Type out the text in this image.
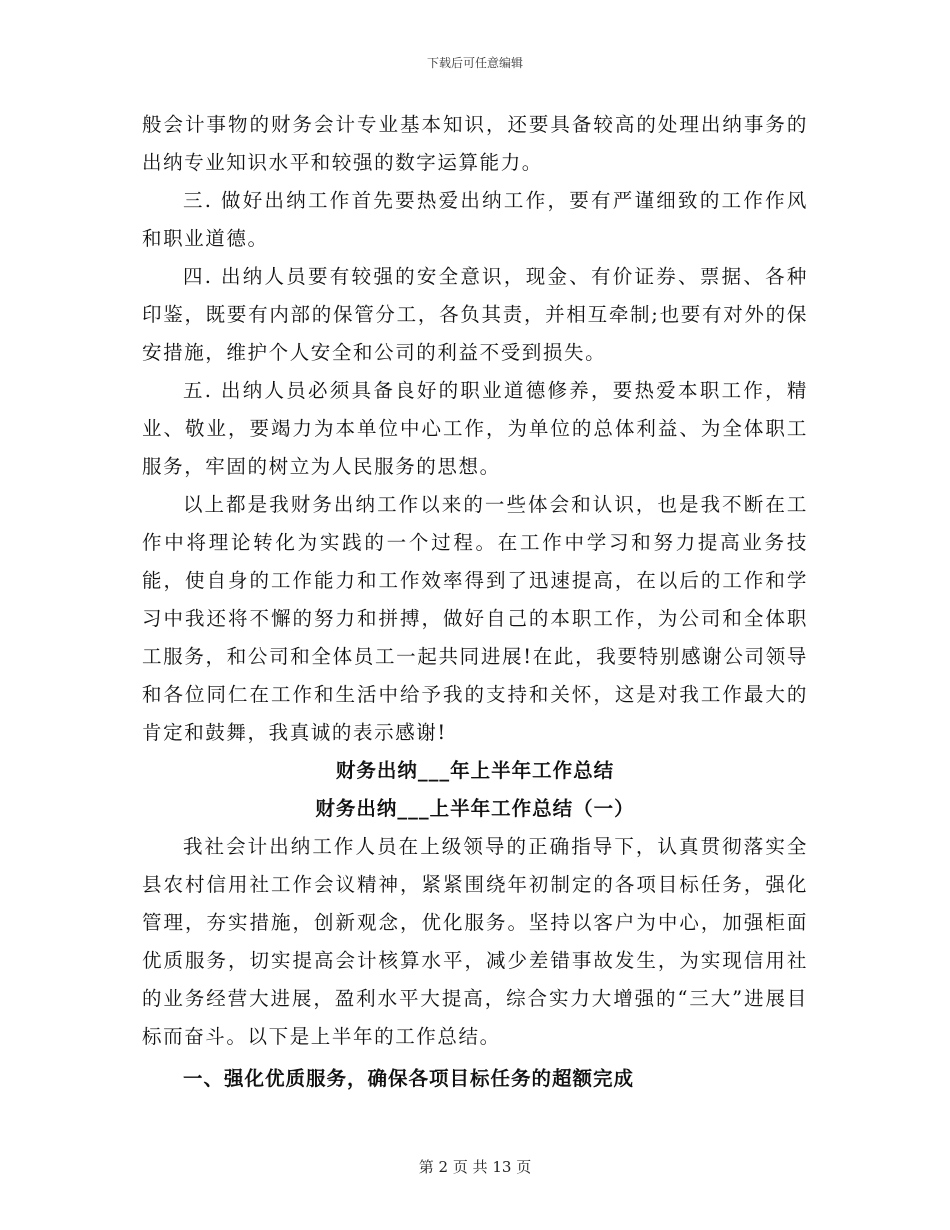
下载后可任意编辑

般会计事物的财务会计专业基本知识，还要具备较高的处理出纳事务的出纳专业知识水平和较强的数字运算能力。

三. 做好出纳工作首先要热爱出纳工作，要有严谨细致的工作作风和职业道德。

四. 出纳人员要有较强的安全意识，现金、有价证券、票据、各种印鉴，既要有内部的保管分工，各负其责，并相互牵制;也要有对外的保安措施，维护个人安全和公司的利益不受到损失。

五. 出纳人员必须具备良好的职业道德修养，要热爱本职工作，精业、敬业，要竭力为本单位中心工作，为单位的总体利益、为全体职工服务，牢固的树立为人民服务的思想。

以上都是我财务出纳工作以来的一些体会和认识，也是我不断在工作中将理论转化为实践的一个过程。在工作中学习和努力提高业务技能，使自身的工作能力和工作效率得到了迅速提高，在以后的工作和学习中我还将不懈的努力和拼搏，做好自己的本职工作，为公司和全体职工服务，和公司和全体员工一起共同进展!在此，我要特别感谢公司领导和各位同仁在工作和生活中给予我的支持和关怀，这是对我工作最大的肯定和鼓舞，我真诚的表示感谢!

财务出纳___年上半年工作总结

财务出纳___上半年工作总结（一）

我社会计出纳工作人员在上级领导的正确指导下，认真贯彻落实全县农村信用社工作会议精神，紧紧围绕年初制定的各项目标任务，强化管理，夯实措施，创新观念，优化服务。坚持以客户为中心，加强柜面优质服务，切实提高会计核算水平，减少差错事故发生，为实现信用社的业务经营大进展，盈利水平大提高，综合实力大增强的“三大”进展目标而奋斗。以下是上半年的工作总结。

一、强化优质服务，确保各项目标任务的超额完成

第 2 页 共 13 页
